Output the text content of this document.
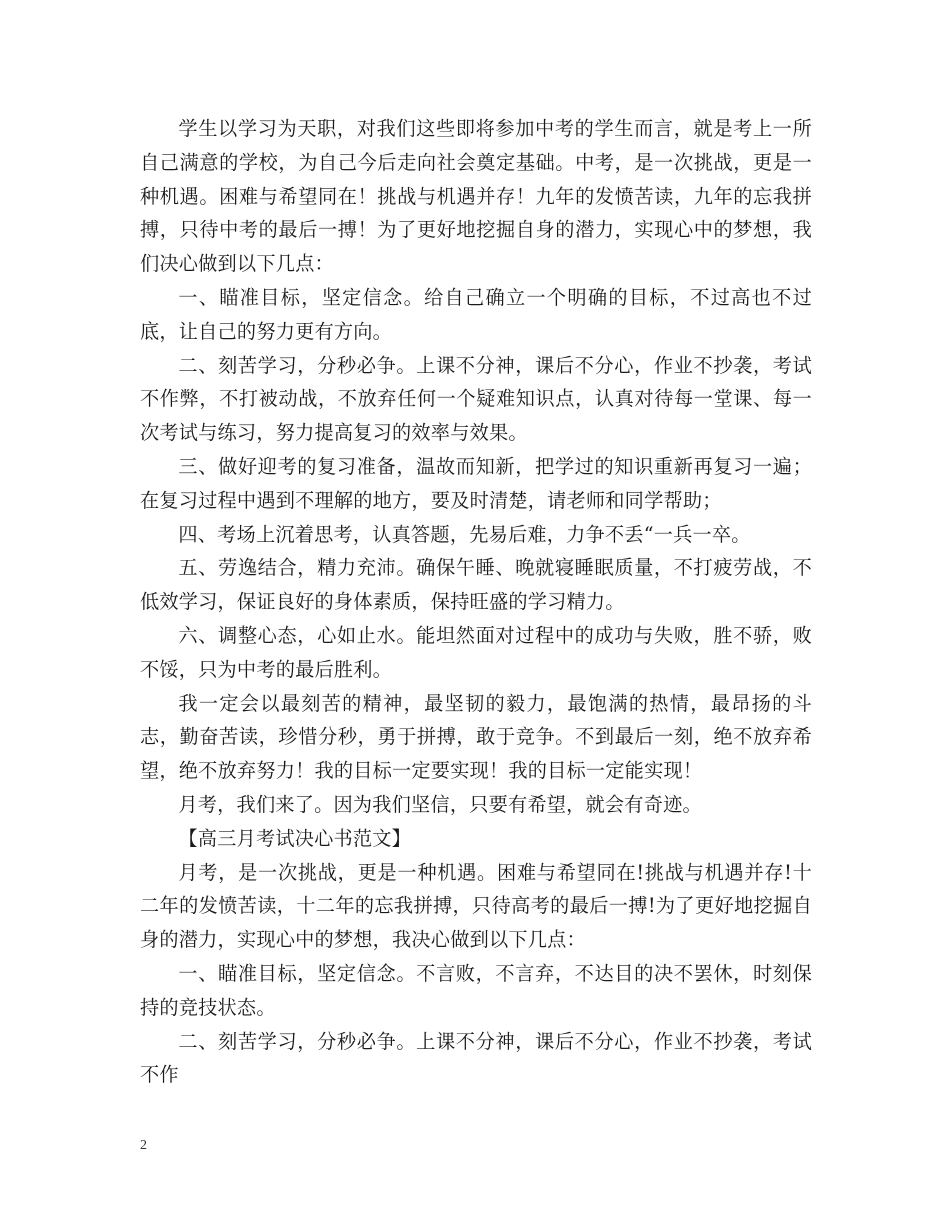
学生以学习为天职，对我们这些即将参加中考的学生而言，就是考上一所自己满意的学校，为自己今后走向社会奠定基础。中考，是一次挑战，更是一种机遇。困难与希望同在！挑战与机遇并存！九年的发愤苦读，九年的忘我拼搏，只待中考的最后一搏！为了更好地挖掘自身的潜力，实现心中的梦想，我们决心做到以下几点：

一、瞄准目标，坚定信念。给自己确立一个明确的目标，不过高也不过底，让自己的努力更有方向。

二、刻苦学习，分秒必争。上课不分神，课后不分心，作业不抄袭，考试不作弊，不打被动战，不放弃任何一个疑难知识点，认真对待每一堂课、每一次考试与练习，努力提高复习的效率与效果。

三、做好迎考的复习准备，温故而知新，把学过的知识重新再复习一遍；在复习过程中遇到不理解的地方，要及时清楚，请老师和同学帮助；

四、考场上沉着思考，认真答题，先易后难，力争不丢“一兵一卒。

五、劳逸结合，精力充沛。确保午睡、晚就寝睡眠质量，不打疲劳战，不低效学习，保证良好的身体素质，保持旺盛的学习精力。

六、调整心态，心如止水。能坦然面对过程中的成功与失败，胜不骄，败不馁，只为中考的最后胜利。

我一定会以最刻苦的精神，最坚韧的毅力，最饱满的热情，最昂扬的斗志，勤奋苦读，珍惜分秒，勇于拼搏，敢于竞争。不到最后一刻，绝不放弃希望，绝不放弃努力！我的目标一定要实现！我的目标一定能实现！

月考，我们来了。因为我们坚信，只要有希望，就会有奇迹。

【高三月考试决心书范文】

月考，是一次挑战，更是一种机遇。困难与希望同在!挑战与机遇并存!十二年的发愤苦读，十二年的忘我拼搏，只待高考的最后一搏!为了更好地挖掘自身的潜力，实现心中的梦想，我决心做到以下几点：

一、瞄准目标，坚定信念。不言败，不言弃，不达目的决不罢休，时刻保持的竞技状态。

二、刻苦学习，分秒必争。上课不分神，课后不分心，作业不抄袭，考试不作

2
